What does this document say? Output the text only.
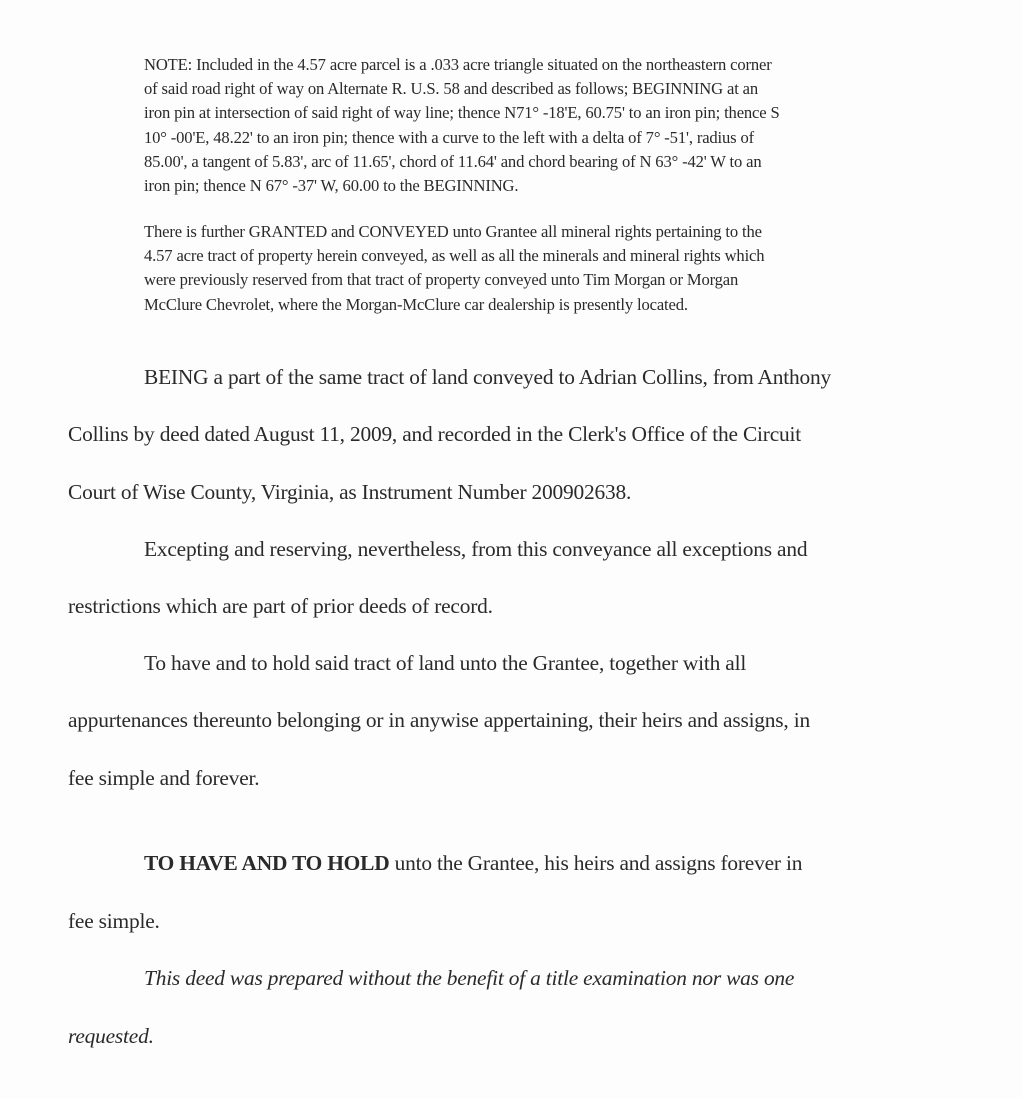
NOTE: Included in the 4.57 acre parcel is a .033 acre triangle situated on the northeastern corner
of said road right of way on Alternate R. U.S. 58 and described as follows; BEGINNING at an
iron pin at intersection of said right of way line; thence N71° -18'E, 60.75' to an iron pin; thence S
10° -00'E, 48.22' to an iron pin; thence with a curve to the left with a delta of 7° -51', radius of
85.00', a tangent of 5.83', arc of 11.65', chord of 11.64' and chord bearing of N 63° -42' W to an
iron pin; thence N 67° -37' W, 60.00 to the BEGINNING.
There is further GRANTED and CONVEYED unto Grantee all mineral rights pertaining to the
4.57 acre tract of property herein conveyed, as well as all the minerals and mineral rights which
were previously reserved from that tract of property conveyed unto Tim Morgan or Morgan
McClure Chevrolet, where the Morgan-McClure car dealership is presently located.
BEING a part of the same tract of land conveyed to Adrian Collins, from Anthony
Collins by deed dated August 11, 2009, and recorded in the Clerk's Office of the Circuit
Court of Wise County, Virginia, as Instrument Number 200902638.
Excepting and reserving, nevertheless, from this conveyance all exceptions and
restrictions which are part of prior deeds of record.
To have and to hold said tract of land unto the Grantee, together with all
appurtenances thereunto belonging or in anywise appertaining, their heirs and assigns, in
fee simple and forever.
TO HAVE AND TO HOLD unto the Grantee, his heirs and assigns forever in
fee simple.
This deed was prepared without the benefit of a title examination nor was one
requested.
